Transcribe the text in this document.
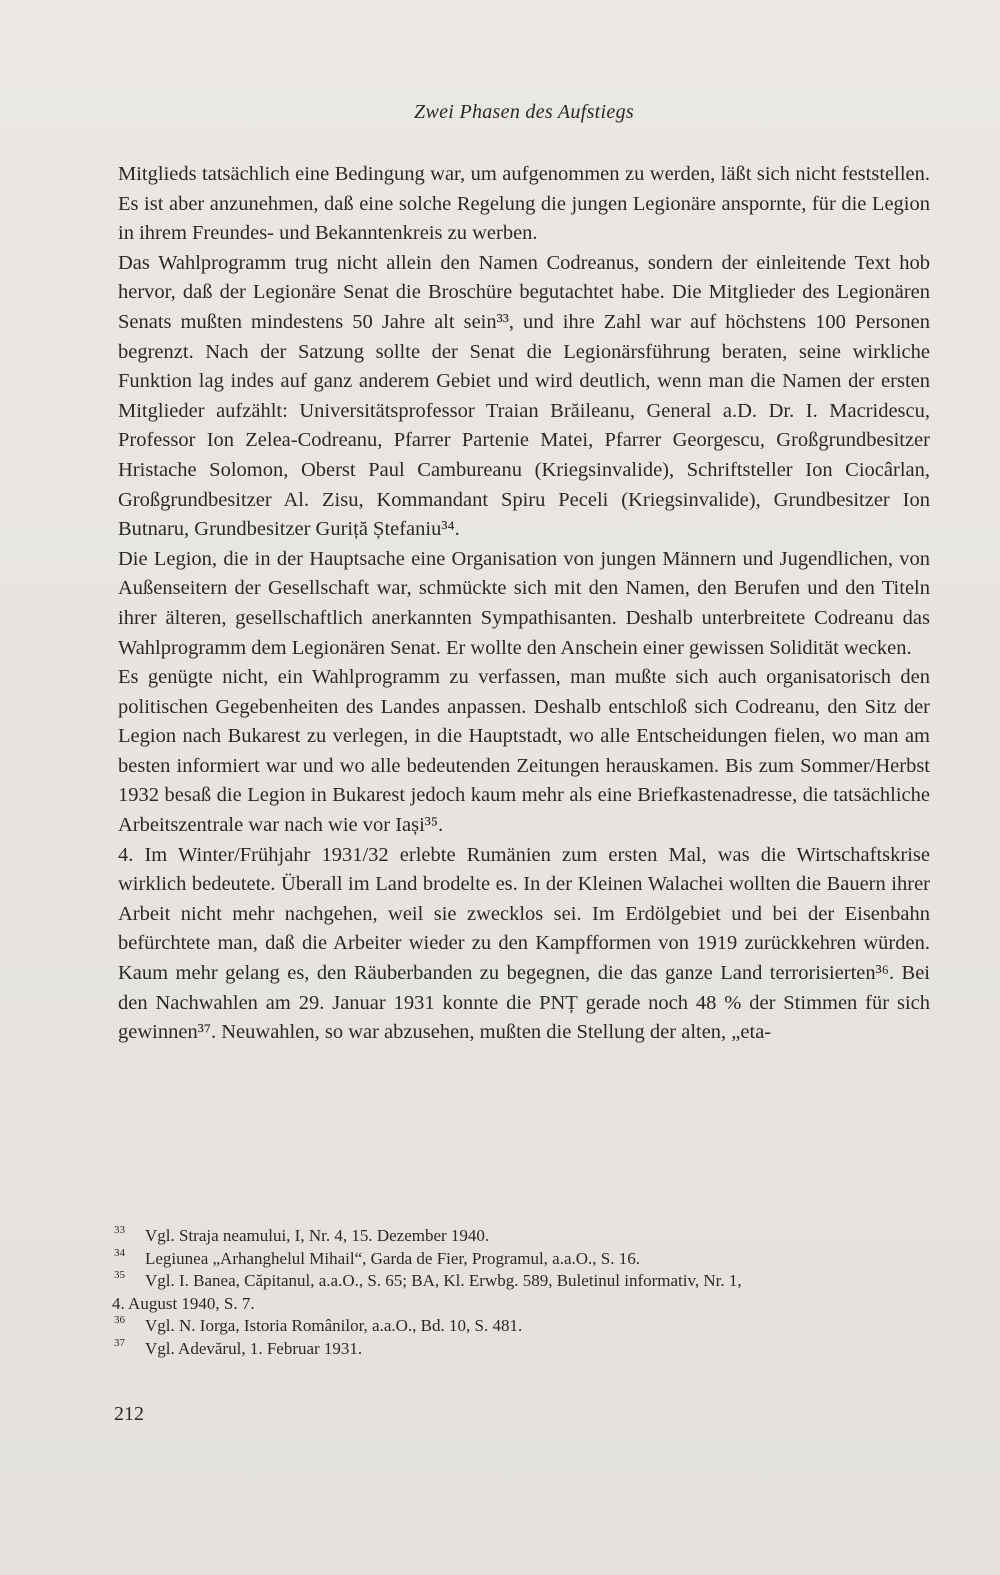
Zwei Phasen des Aufstiegs

Mitglieds tatsächlich eine Bedingung war, um aufgenommen zu werden, läßt sich nicht feststellen. Es ist aber anzunehmen, daß eine solche Regelung die jungen Legionäre anspornte, für die Legion in ihrem Freundes- und Bekanntenkreis zu werben.

Das Wahlprogramm trug nicht allein den Namen Codreanus, sondern der einleitende Text hob hervor, daß der Legionäre Senat die Broschüre begutachtet habe. Die Mitglieder des Legionären Senats mußten mindestens 50 Jahre alt sein³³, und ihre Zahl war auf höchstens 100 Personen begrenzt. Nach der Satzung sollte der Senat die Legionärsführung beraten, seine wirkliche Funktion lag indes auf ganz anderem Gebiet und wird deutlich, wenn man die Namen der ersten Mitglieder aufzählt: Universitätsprofessor Traian Brăileanu, General a.D. Dr. I. Macridescu, Professor Ion Zelea-Codreanu, Pfarrer Partenie Matei, Pfarrer Georgescu, Großgrundbesitzer Hristache Solomon, Oberst Paul Cambureanu (Kriegsinvalide), Schriftsteller Ion Ciocârlan, Großgrundbesitzer Al. Zisu, Kommandant Spiru Peceli (Kriegsinvalide), Grundbesitzer Ion Butnaru, Grundbesitzer Guriță Ștefaniu³⁴.

Die Legion, die in der Hauptsache eine Organisation von jungen Männern und Jugendlichen, von Außenseitern der Gesellschaft war, schmückte sich mit den Namen, den Berufen und den Titeln ihrer älteren, gesellschaftlich anerkannten Sympathisanten. Deshalb unterbreitete Codreanu das Wahlprogramm dem Legionären Senat. Er wollte den Anschein einer gewissen Solidität wecken.

Es genügte nicht, ein Wahlprogramm zu verfassen, man mußte sich auch organisatorisch den politischen Gegebenheiten des Landes anpassen. Deshalb entschloß sich Codreanu, den Sitz der Legion nach Bukarest zu verlegen, in die Hauptstadt, wo alle Entscheidungen fielen, wo man am besten informiert war und wo alle bedeutenden Zeitungen herauskamen. Bis zum Sommer/Herbst 1932 besaß die Legion in Bukarest jedoch kaum mehr als eine Briefkastenadresse, die tatsächliche Arbeitszentrale war nach wie vor Iași³⁵.

4. Im Winter/Frühjahr 1931/32 erlebte Rumänien zum ersten Mal, was die Wirtschaftskrise wirklich bedeutete. Überall im Land brodelte es. In der Kleinen Walachei wollten die Bauern ihrer Arbeit nicht mehr nachgehen, weil sie zwecklos sei. Im Erdölgebiet und bei der Eisenbahn befürchtete man, daß die Arbeiter wieder zu den Kampfformen von 1919 zurückkehren würden. Kaum mehr gelang es, den Räuberbanden zu begegnen, die das ganze Land terrorisierten³⁶. Bei den Nachwahlen am 29. Januar 1931 konnte die PNȚ gerade noch 48 % der Stimmen für sich gewinnen³⁷. Neuwahlen, so war abzusehen, mußten die Stellung der alten, „eta-

33 Vgl. Straja neamului, I, Nr. 4, 15. Dezember 1940.
34 Legiunea „Arhanghelul Mihail“, Garda de Fier, Programul, a.a.O., S. 16.
35 Vgl. I. Banea, Căpitanul, a.a.O., S. 65; BA, Kl. Erwbg. 589, Buletinul informativ, Nr. 1,
4. August 1940, S. 7.
36 Vgl. N. Iorga, Istoria Românilor, a.a.O., Bd. 10, S. 481.
37 Vgl. Adevărul, 1. Februar 1931.
212
